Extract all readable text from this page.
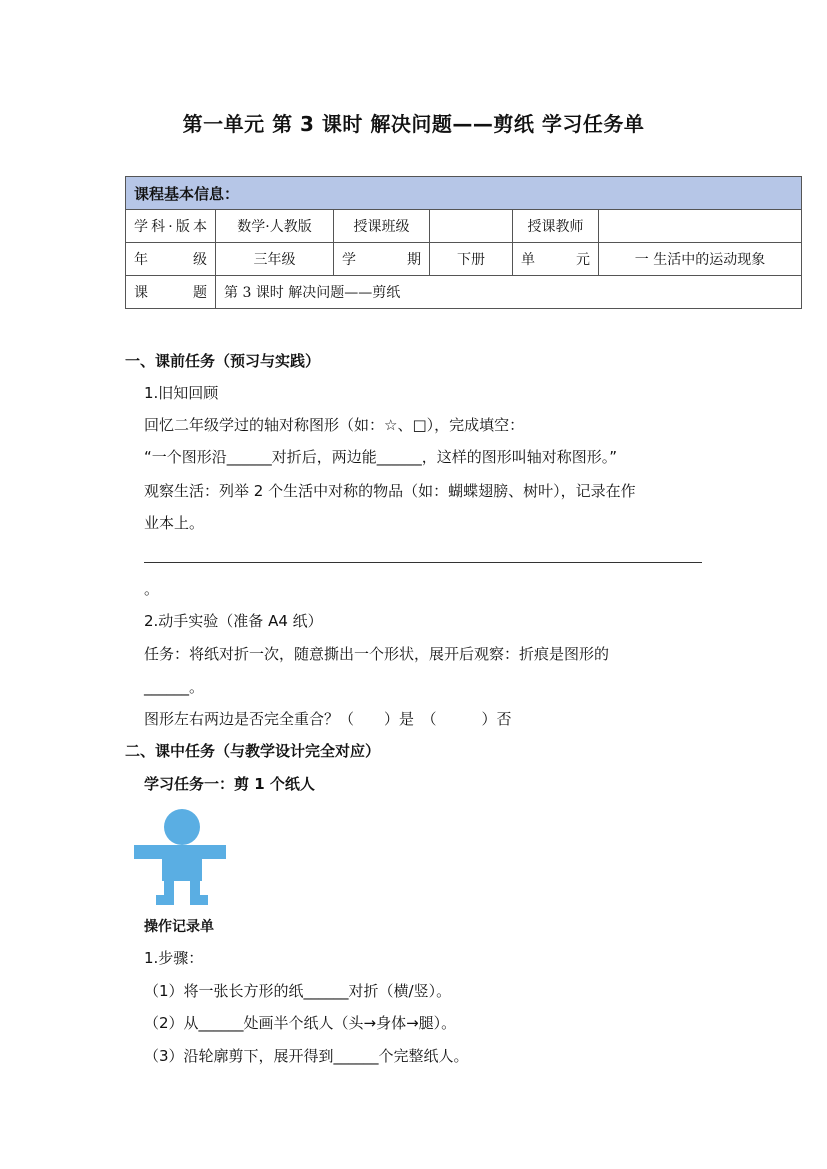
第一单元 第 3 课时 解决问题——剪纸 学习任务单
课程基本信息：					
学科·版本	数学·人教版	授课班级		授课教师	
年　　级	三年级	学　　期	下册	单　　元	一 生活中的运动现象
课　　题	第 3 课时 解决问题——剪纸				
一、课前任务（预习与实践）
1.旧知回顾
回忆二年级学过的轴对称图形（如：☆、□），完成填空：
“一个图形沿______对折后，两边能______，这样的图形叫轴对称图形。”
观察生活：列举 2 个生活中对称的物品（如：蝴蝶翅膀、树叶），记录在作
业本上。
。
2.动手实验（准备 A4 纸）
任务：将纸对折一次，随意撕出一个形状，展开后观察：折痕是图形的
______。
图形左右两边是否完全重合？（　　）是　（　　　）否
二、课中任务（与教学设计完全对应）
学习任务一：剪 1 个纸人
操作记录单
1.步骤：
（1）将一张长方形的纸______对折（横/竖）。
（2）从______处画半个纸人（头→身体→腿）。
（3）沿轮廓剪下，展开得到______个完整纸人。
